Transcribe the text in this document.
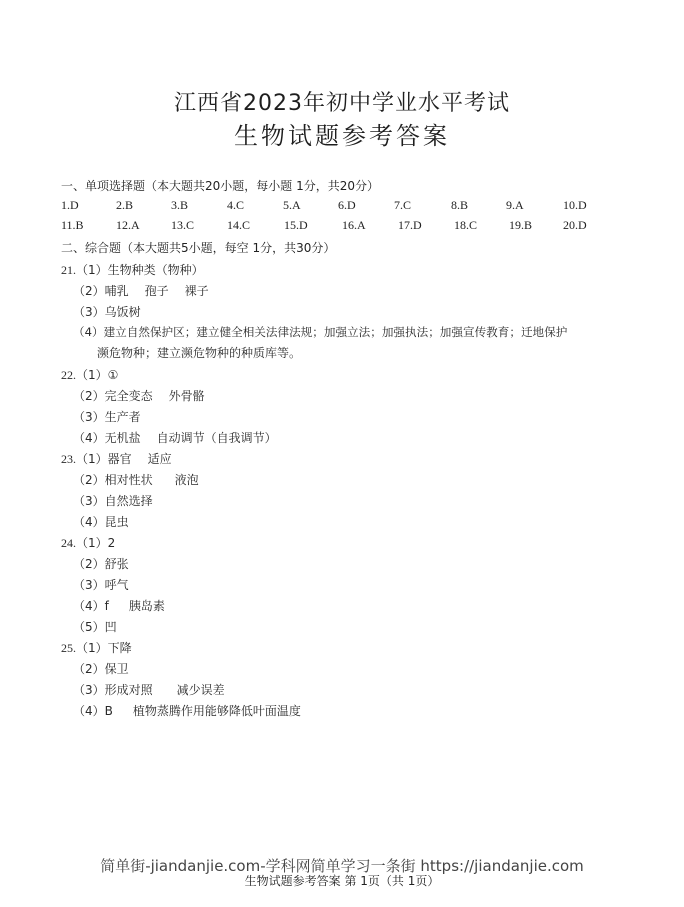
江西省2023年初中学业水平考试
生物试题参考答案
一、单项选择题（本大题共20小题，每小题 1分，共20分）
1.D	2.B	3.B	4.C	5.A	6.D	7.C	8.B	9.A	10.D
11.B	12.A	13.C	14.C	15.D	16.A	17.D	18.C	19.B	20.D
二、综合题（本大题共5小题，每空 1分，共30分）
21.（1）生物种类（物种）
（2）哺乳 孢子 裸子
（3）乌饭树
（4）建立自然保护区；建立健全相关法律法规；加强立法；加强执法；加强宣传教育；迁地保护
濒危物种；建立濒危物种的种质库等。
22.（1）①
（2）完全变态 外骨骼
（3）生产者
（4）无机盐 自动调节（自我调节）
23.（1）器官 适应
（2）相对性状 液泡
（3）自然选择
（4）昆虫
24.（1）2
（2）舒张
（3）呼气
（4）f 胰岛素
（5）凹
25.（1）下降
（2）保卫
（3）形成对照 减少误差
（4）B 植物蒸腾作用能够降低叶面温度
简单街-jiandanjie.com-学科网简单学习一条街 https://jiandanjie.com
生物试题参考答案 第 1页（共 1页）
